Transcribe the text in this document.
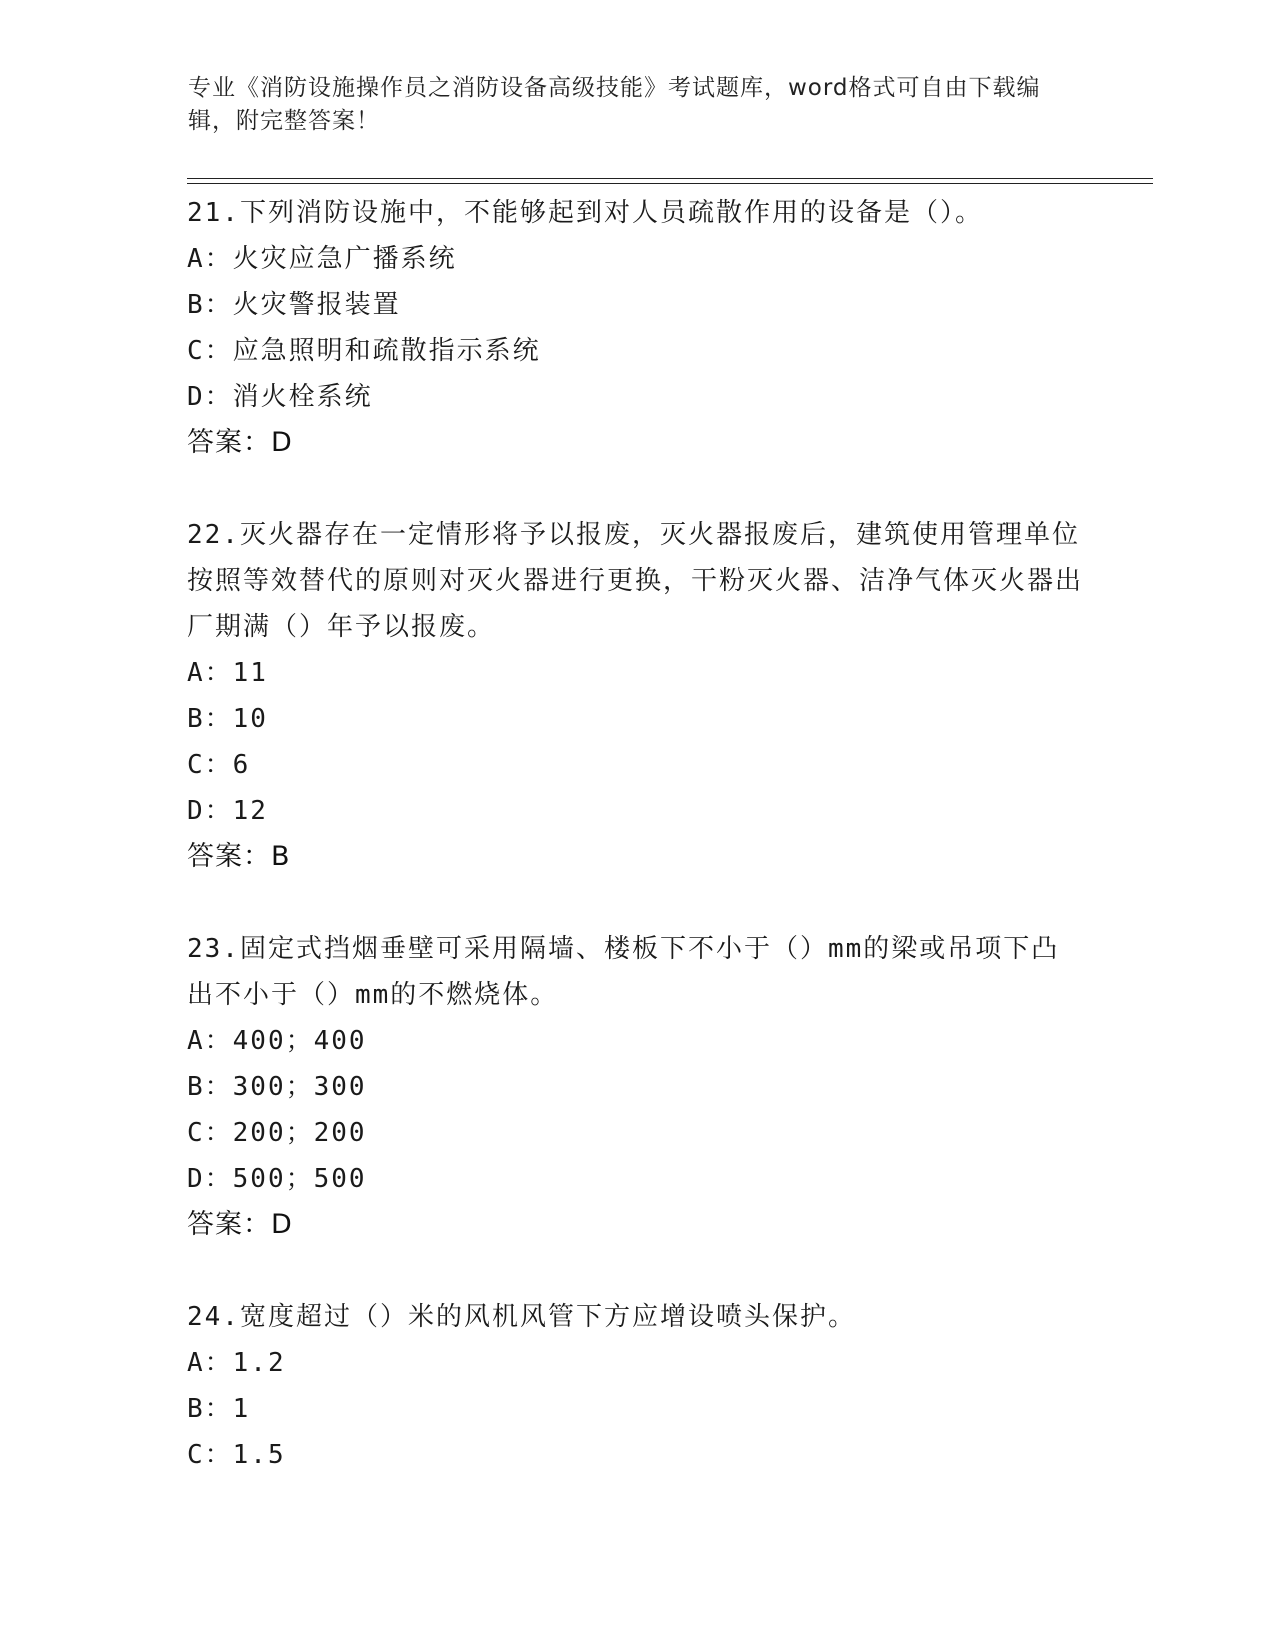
专业《消防设施操作员之消防设备高级技能》考试题库，word格式可自由下载编辑，附完整答案！

21.下列消防设施中，不能够起到对人员疏散作用的设备是（）。

A：火灾应急广播系统

B：火灾警报装置

C：应急照明和疏散指示系统

D：消火栓系统

答案：D

22.灭火器存在一定情形将予以报废，灭火器报废后，建筑使用管理单位按照等效替代的原则对灭火器进行更换，干粉灭火器、洁净气体灭火器出厂期满（）年予以报废。

A：11

B：10

C：6

D：12

答案：B

23.固定式挡烟垂壁可采用隔墙、楼板下不小于（）mm的梁或吊项下凸出不小于（）mm的不燃烧体。

A：400；400

B：300；300

C：200；200

D：500；500

答案：D

24.宽度超过（）米的风机风管下方应增设喷头保护。

A：1.2

B：1

C：1.5
